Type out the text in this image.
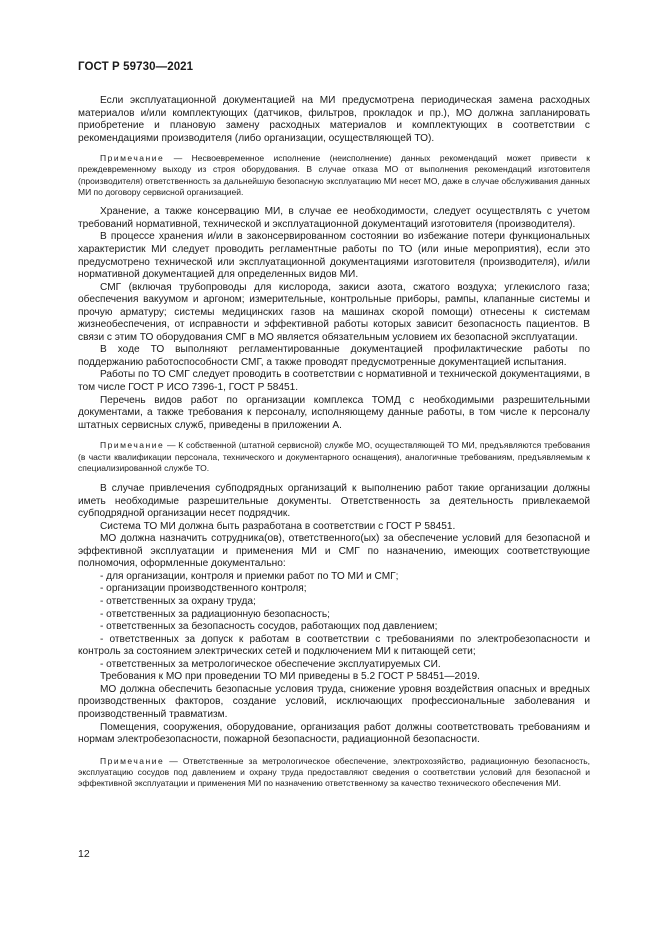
ГОСТ Р 59730—2021

Если эксплуатационной документацией на МИ предусмотрена периодическая замена расходных материалов и/или комплектующих (датчиков, фильтров, прокладок и пр.), МО должна запланировать приобретение и плановую замену расходных материалов и комплектующих в соответствии с рекомендациями производителя (либо организации, осуществляющей ТО).

Примечание — Несвоевременное исполнение (неисполнение) данных рекомендаций может привести к преждевременному выходу из строя оборудования. В случае отказа МО от выполнения рекомендаций изготовителя (производителя) ответственность за дальнейшую безопасную эксплуатацию МИ несет МО, даже в случае обслуживания данных МИ по договору сервисной организацией.

Хранение, а также консервацию МИ, в случае ее необходимости, следует осуществлять с учетом требований нормативной, технической и эксплуатационной документаций изготовителя (производителя).

В процессе хранения и/или в законсервированном состоянии во избежание потери функциональных характеристик МИ следует проводить регламентные работы по ТО (или иные мероприятия), если это предусмотрено технической или эксплуатационной документациями изготовителя (производителя), и/или нормативной документацией для определенных видов МИ.

СМГ (включая трубопроводы для кислорода, закиси азота, сжатого воздуха; углекислого газа; обеспечения вакуумом и аргоном; измерительные, контрольные приборы, рампы, клапанные системы и прочую арматуру; системы медицинских газов на машинах скорой помощи) отнесены к системам жизнеобеспечения, от исправности и эффективной работы которых зависит безопасность пациентов. В связи с этим ТО оборудования СМГ в МО является обязательным условием их безопасной эксплуатации.

В ходе ТО выполняют регламентированные документацией профилактические работы по поддержанию работоспособности СМГ, а также проводят предусмотренные документацией испытания.

Работы по ТО СМГ следует проводить в соответствии с нормативной и технической документациями, в том числе ГОСТ Р ИСО 7396-1, ГОСТ Р 58451.

Перечень видов работ по организации комплекса ТОМД с необходимыми разрешительными документами, а также требования к персоналу, исполняющему данные работы, в том числе к персоналу штатных сервисных служб, приведены в приложении А.

Примечание — К собственной (штатной сервисной) службе МО, осуществляющей ТО МИ, предъявляются требования (в части квалификации персонала, технического и документарного оснащения), аналогичные требованиям, предъявляемым к специализированной службе ТО.

В случае привлечения субподрядных организаций к выполнению работ такие организации должны иметь необходимые разрешительные документы. Ответственность за деятельность привлекаемой субподрядной организации несет подрядчик.

Система ТО МИ должна быть разработана в соответствии с ГОСТ Р 58451.

МО должна назначить сотрудника(ов), ответственного(ых) за обеспечение условий для безопасной и эффективной эксплуатации и применения МИ и СМГ по назначению, имеющих соответствующие полномочия, оформленные документально:

- для организации, контроля и приемки работ по ТО МИ и СМГ;

- организации производственного контроля;

- ответственных за охрану труда;

- ответственных за радиационную безопасность;

- ответственных за безопасность сосудов, работающих под давлением;

- ответственных за допуск к работам в соответствии с требованиями по электробезопасности и контроль за состоянием электрических сетей и подключением МИ к питающей сети;

- ответственных за метрологическое обеспечение эксплуатируемых СИ.

Требования к МО при проведении ТО МИ приведены в 5.2 ГОСТ Р 58451—2019.

МО должна обеспечить безопасные условия труда, снижение уровня воздействия опасных и вредных производственных факторов, создание условий, исключающих профессиональные заболевания и производственный травматизм.

Помещения, сооружения, оборудование, организация работ должны соответствовать требованиям и нормам электробезопасности, пожарной безопасности, радиационной безопасности.

Примечание — Ответственные за метрологическое обеспечение, электрохозяйство, радиационную безопасность, эксплуатацию сосудов под давлением и охрану труда предоставляют сведения о соответствии условий для безопасной и эффективной эксплуатации и применения МИ по назначению ответственному за качество технического обеспечения МИ.

12
